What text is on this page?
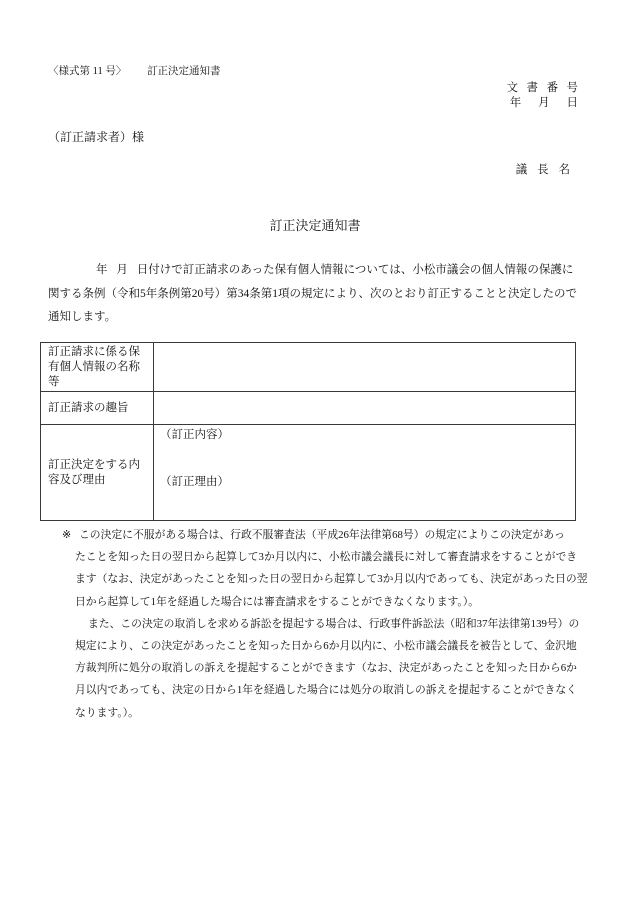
〈様式第 11 号〉 訂正決定通知書
文 書 番 号
年 月 日
（訂正請求者）様
議 長 名
訂正決定通知書
年 月 日付けで訂正請求のあった保有個人情報については、小松市議会の個人情報の保護に
関する条例（令和5年条例第20号）第34条第1項の規定により、次のとおり訂正することと決定したので
通知します。
訂正請求に係る保有個人情報の名称等
訂正請求の趣旨
訂正決定をする内容及び理由
（訂正内容）
（訂正理由）
※ この決定に不服がある場合は、行政不服審査法（平成26年法律第68号）の規定によりこの決定があっ
たことを知った日の翌日から起算して3か月以内に、小松市議会議長に対して審査請求をすることができ
ます（なお、決定があったことを知った日の翌日から起算して3か月以内であっても、決定があった日の翌
日から起算して1年を経過した場合には審査請求をすることができなくなります。）。
また、この決定の取消しを求める訴訟を提起する場合は、行政事件訴訟法（昭和37年法律第139号）の
規定により、この決定があったことを知った日から6か月以内に、小松市議会議長を被告として、金沢地
方裁判所に処分の取消しの訴えを提起することができます（なお、決定があったことを知った日から6か
月以内であっても、決定の日から1年を経過した場合には処分の取消しの訴えを提起することができなく
なります。）。
